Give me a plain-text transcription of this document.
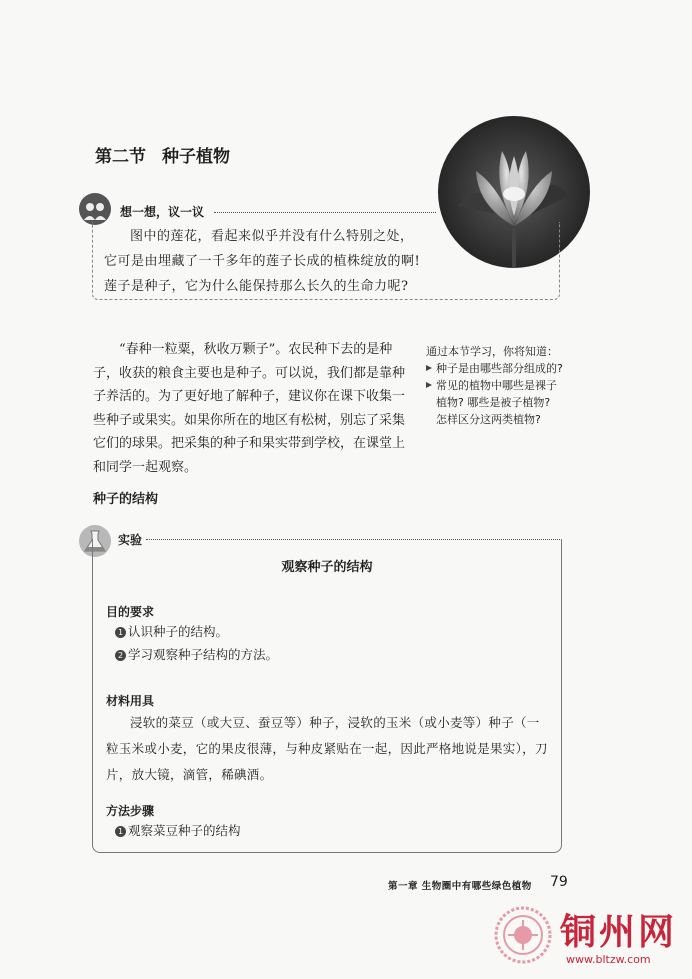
第二节 种子植物
想一想，议一议
图中的莲花，看起来似乎并没有什么特别之处，
它可是由埋藏了一千多年的莲子长成的植株绽放的啊!
莲子是种子，它为什么能保持那么长久的生命力呢?
“春种一粒粟，秋收万颗子”。农民种下去的是种子，收获的粮食主要也是种子。可以说，我们都是靠种子养活的。为了更好地了解种子，建议你在课下收集一些种子或果实。如果你所在的地区有松树，别忘了采集它们的球果。把采集的种子和果实带到学校，在课堂上和同学一起观察。
通过本节学习，你将知道：
种子是由哪些部分组成的?
常见的植物中哪些是裸子
植物? 哪些是被子植物?
怎样区分这两类植物?
种子的结构
实验
观察种子的结构
目的要求
1 认识种子的结构。
2 学习观察种子结构的方法。
材料用具
浸软的菜豆（或大豆、蚕豆等）种子，浸软的玉米（或小麦等）种子（一粒玉米或小麦，它的果皮很薄，与种皮紧贴在一起，因此严格地说是果实），刀片，放大镜，滴管，稀碘酒。
方法步骤
1 观察菜豆种子的结构
第一章 生物圈中有哪些绿色植物 79
铜州网
www.bltzw.com
